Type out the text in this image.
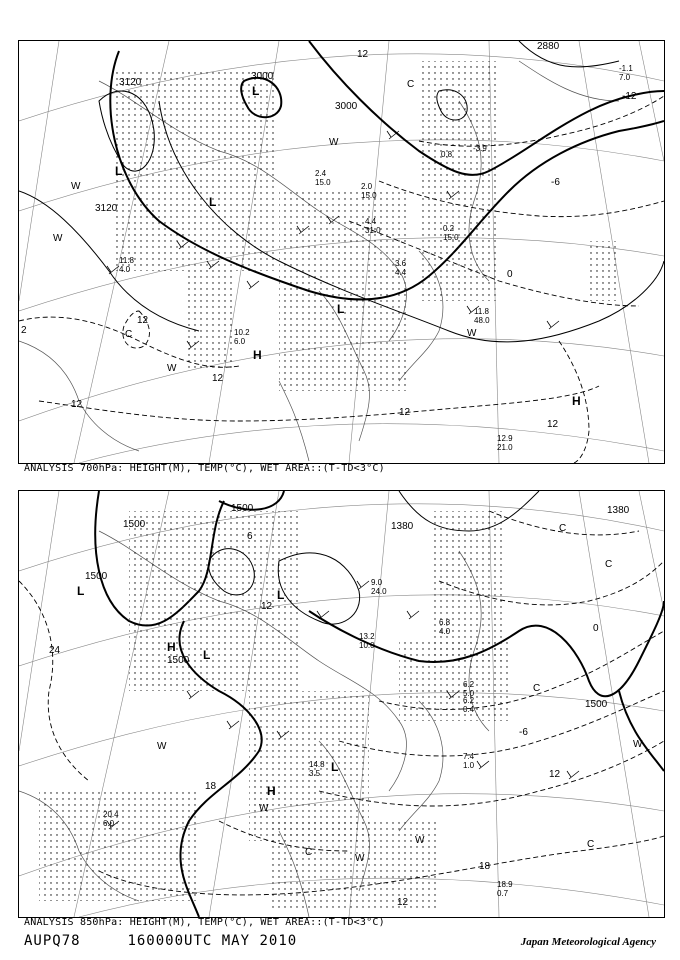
3120
3000
3000
2880
3120
-12
-6
0
12
12
12
12
12
12
2
L
L
L
L
H
H
C
C
W
W
W
W
W
2.4
15.0	2.0
15.0
4.4
31.0
3.6
4.4
11.8
4.0
10.2
6.0
11.8
48.0
12.9
21.0
0.2
15.0
-3.9
0.8
-1.1
7.0
ANALYSIS 700hPa: HEIGHT(M), TEMP(°C), WET AREA::(T-TD<3°C)
1500
1500
1500
1500
1380
1380
1500
24
18
18
12
12
6
0
-6
12
L
L
L
L
H
H
C
C
C
C
C
W
W
W
W
W
9.0
24.0
13.2
10.0
6.8
4.0
6.2
5.0
7.4
1.0
18.9
0.7
14.8
3.5
20.4
6.0
6.2
0.4
ANALYSIS 850hPa: HEIGHT(M), TEMP(°C), WET AREA::(T-TD<3°C)
AUPQ78	160000UTC MAY 2010	Japan Meteorological Agency
